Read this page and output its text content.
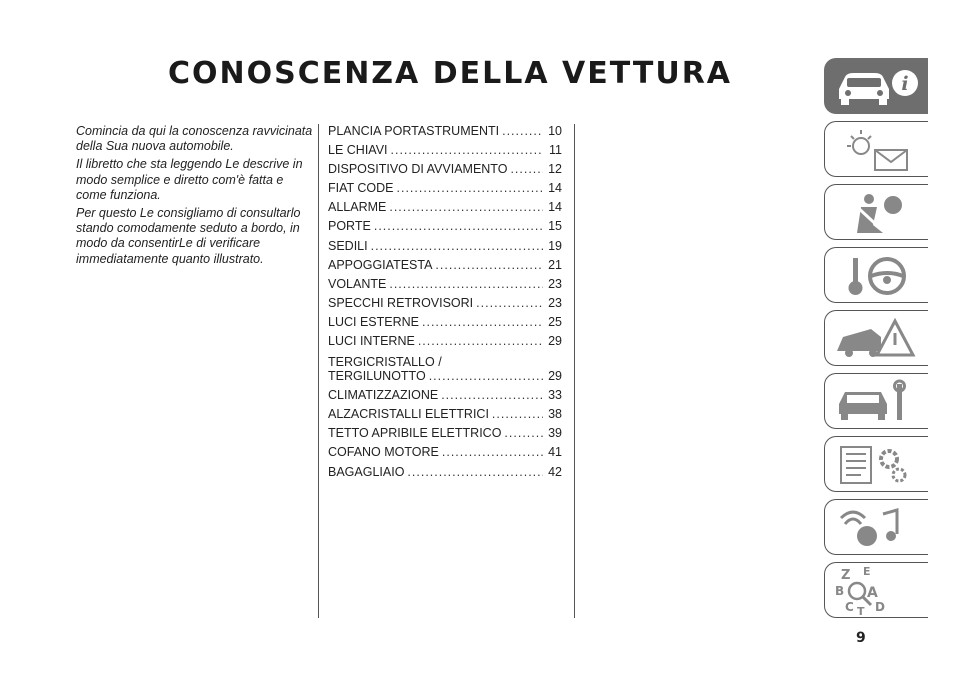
CONOSCENZA DELLA VETTURA

Comincia da qui la conoscenza ravvicinata della Sua nuova automobile.

Il libretto che sta leggendo Le descrive in modo semplice e diretto com'è fatta e come funziona.

Per questo Le consigliamo di consultarlo stando comodamente seduto a bordo, in modo da consentirLe di verificare immediatamente quanto illustrato.

PLANCIA PORTASTRUMENTI .....	10
LE CHIAVI .....	11
DISPOSITIVO DI AVVIAMENTO .....	12
FIAT CODE .....	14
ALLARME .....	14
PORTE .....	15
SEDILI .....	19
APPOGGIATESTA .....	21
VOLANTE .....	23
SPECCHI RETROVISORI .....	23
LUCI ESTERNE .....	25
LUCI INTERNE .....	29
TERGICRISTALLO /
TERGILUNOTTO .....	29
CLIMATIZZAZIONE .....	33
ALZACRISTALLI ELETTRICI .....	38
TETTO APRIBILE ELETTRICO .....	39
COFANO MOTORE .....	41
BAGAGLIAIO .....	42
i
Z E
B A
C T D
9
